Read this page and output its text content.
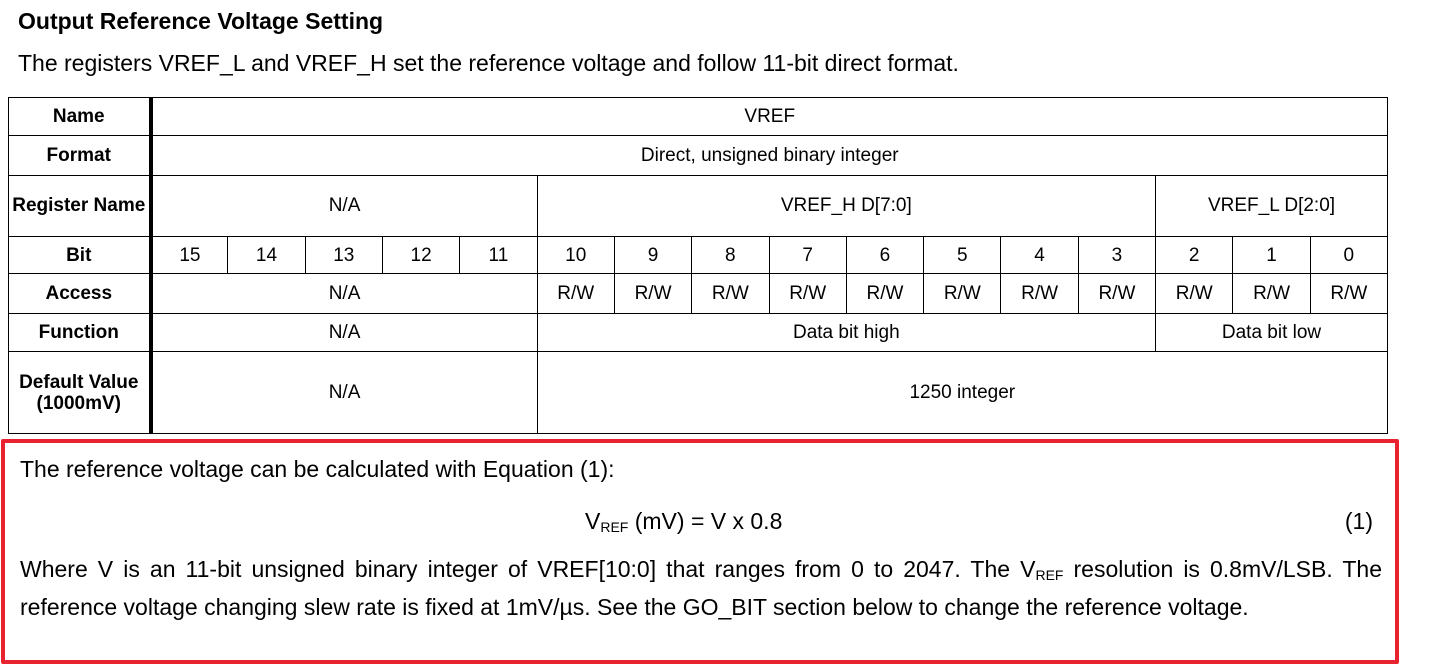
Output Reference Voltage Setting
The registers VREF_L and VREF_H set the reference voltage and follow 11-bit direct format.
Name	VREF															
Format	Direct, unsigned binary integer															
Register Name	N/A					VREF_H D[7:0]								VREF_L D[2:0]		
Bit	15	14	13	12	11	10	9	8	7	6	5	4	3	2	1	0
Access	N/A					R/W	R/W	R/W	R/W	R/W	R/W	R/W	R/W	R/W	R/W	R/W
Function	N/A					Data bit high								Data bit low		
Default Value (1000mV)	N/A					1250 integer										
The reference voltage can be calculated with Equation (1):
$V_{REF}$ (mV) = V x 0.8	(1)
Where V is an 11-bit unsigned binary integer of VREF[10:0] that ranges from 0 to 2047. The $V_{REF}$ resolution is 0.8mV/LSB. The reference voltage changing slew rate is fixed at 1mV/µs. See the GO_BIT section below to change the reference voltage.
